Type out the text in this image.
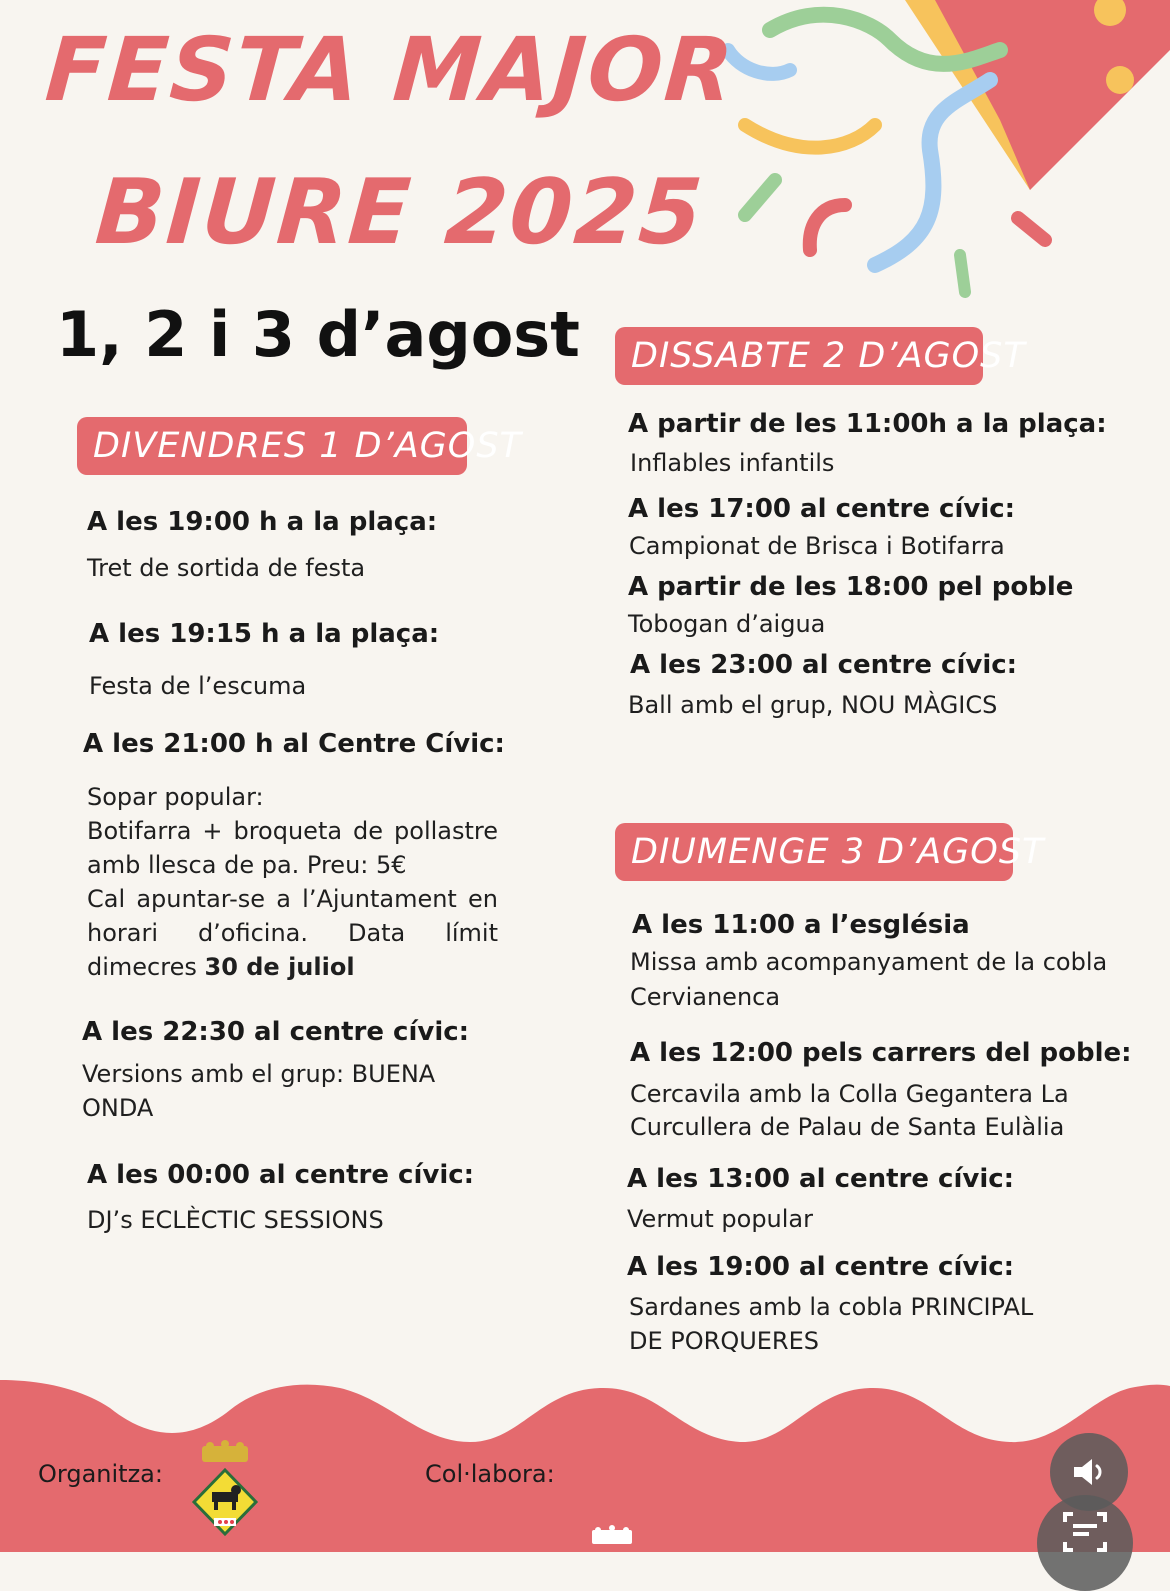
FESTA MAJOR
BIURE 2025
1, 2 i 3 d’agost
DIVENDRES 1 D’AGOST

A les 19:00 h a la plaça:

Tret de sortida de festa

A les 19:15 h a la plaça:

Festa de l’escuma

A les 21:00 h al Centre Cívic:

Sopar popular:

Botifarra + broqueta de pollastre amb llesca de pa. Preu: 5€

Cal apuntar-se a l’Ajuntament en horari d’oficina. Data límit dimecres 30 de juliol

A les 22:30 al centre cívic:

Versions amb el grup: BUENA

ONDA

A les 00:00 al centre cívic:

DJ’s ECLÈCTIC SESSIONS

DISSABTE 2 D’AGOST

A partir de les 11:00h a la plaça:

Inflables infantils

A les 17:00 al centre cívic:

Campionat de Brisca i Botifarra

A partir de les 18:00 pel poble

Tobogan d’aigua

A les 23:00 al centre cívic:

Ball amb el grup, NOU MÀGICS

DIUMENGE 3 D’AGOST

A les 11:00 a l’església

Missa amb acompanyament de la cobla

Cervianenca

A les 12:00 pels carrers del poble:

Cercavila amb la Colla Gegantera La

Curcullera de Palau de Santa Eulàlia

A les 13:00 al centre cívic:

Vermut popular

A les 19:00 al centre cívic:

Sardanes amb la cobla PRINCIPAL

DE PORQUERES

Organitza:	Col·labora:
